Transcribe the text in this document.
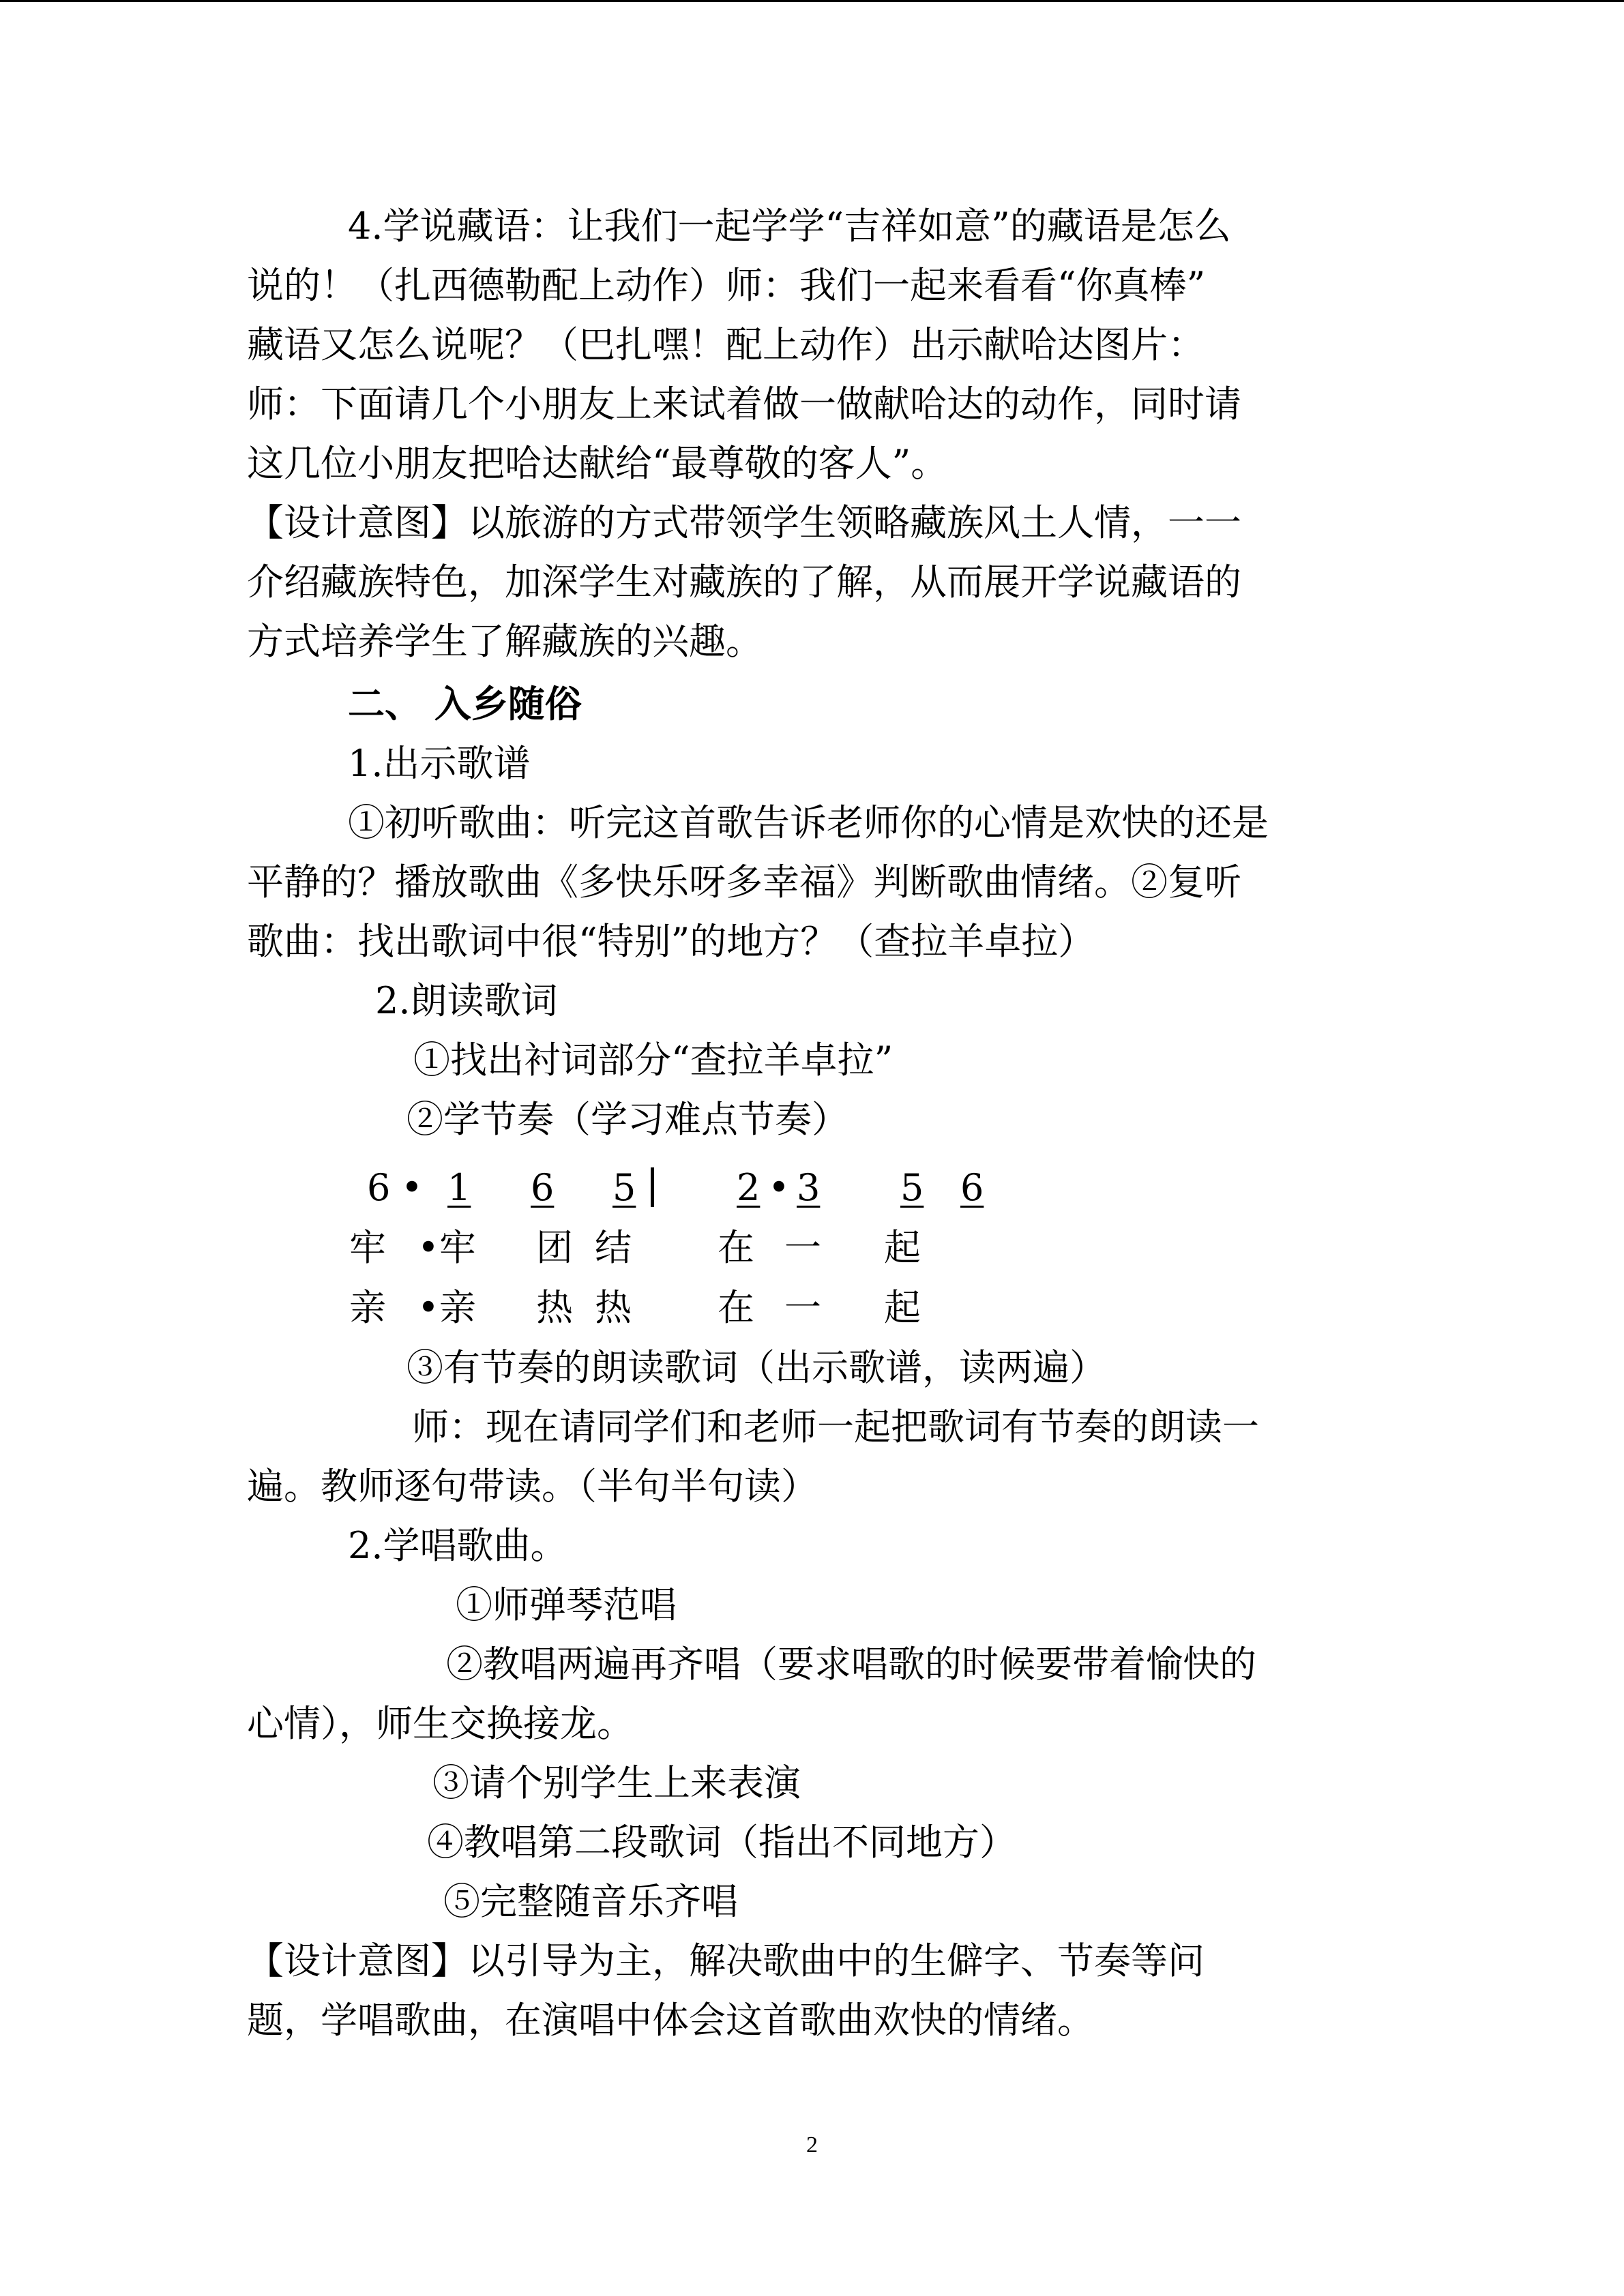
4.学说藏语：让我们一起学学“吉祥如意”的藏语是怎么
说的！（扎西德勒配上动作）师：我们一起来看看“你真棒”
藏语又怎么说呢？（巴扎嘿！配上动作）出示献哈达图片：
师：下面请几个小朋友上来试着做一做献哈达的动作，同时请
这几位小朋友把哈达献给“最尊敬的客人”。
【设计意图】以旅游的方式带领学生领略藏族风土人情，一一
介绍藏族特色，加深学生对藏族的了解，从而展开学说藏语的
方式培养学生了解藏族的兴趣。
二、 入乡随俗
1.出示歌谱
①初听歌曲：听完这首歌告诉老师你的心情是欢快的还是
平静的？播放歌曲《多快乐呀多幸福》判断歌曲情绪。②复听
歌曲：找出歌词中很“特别”的地方？（查拉羊卓拉）
2.朗读歌词
①找出衬词部分“查拉羊卓拉”
②学节奏（学习难点节奏）
6 • 1 6 5	2 • 3 5 6
牢 •牢 团 结 在 一 起
亲 •亲 热 热 在 一 起
③有节奏的朗读歌词（出示歌谱，读两遍）
师：现在请同学们和老师一起把歌词有节奏的朗读一
遍。教师逐句带读。（半句半句读）
2.学唱歌曲。
①师弹琴范唱
②教唱两遍再齐唱（要求唱歌的时候要带着愉快的
心情），师生交换接龙。
③请个别学生上来表演
④教唱第二段歌词（指出不同地方）
⑤完整随音乐齐唱
【设计意图】以引导为主，解决歌曲中的生僻字、节奏等问
题，学唱歌曲，在演唱中体会这首歌曲欢快的情绪。
2
